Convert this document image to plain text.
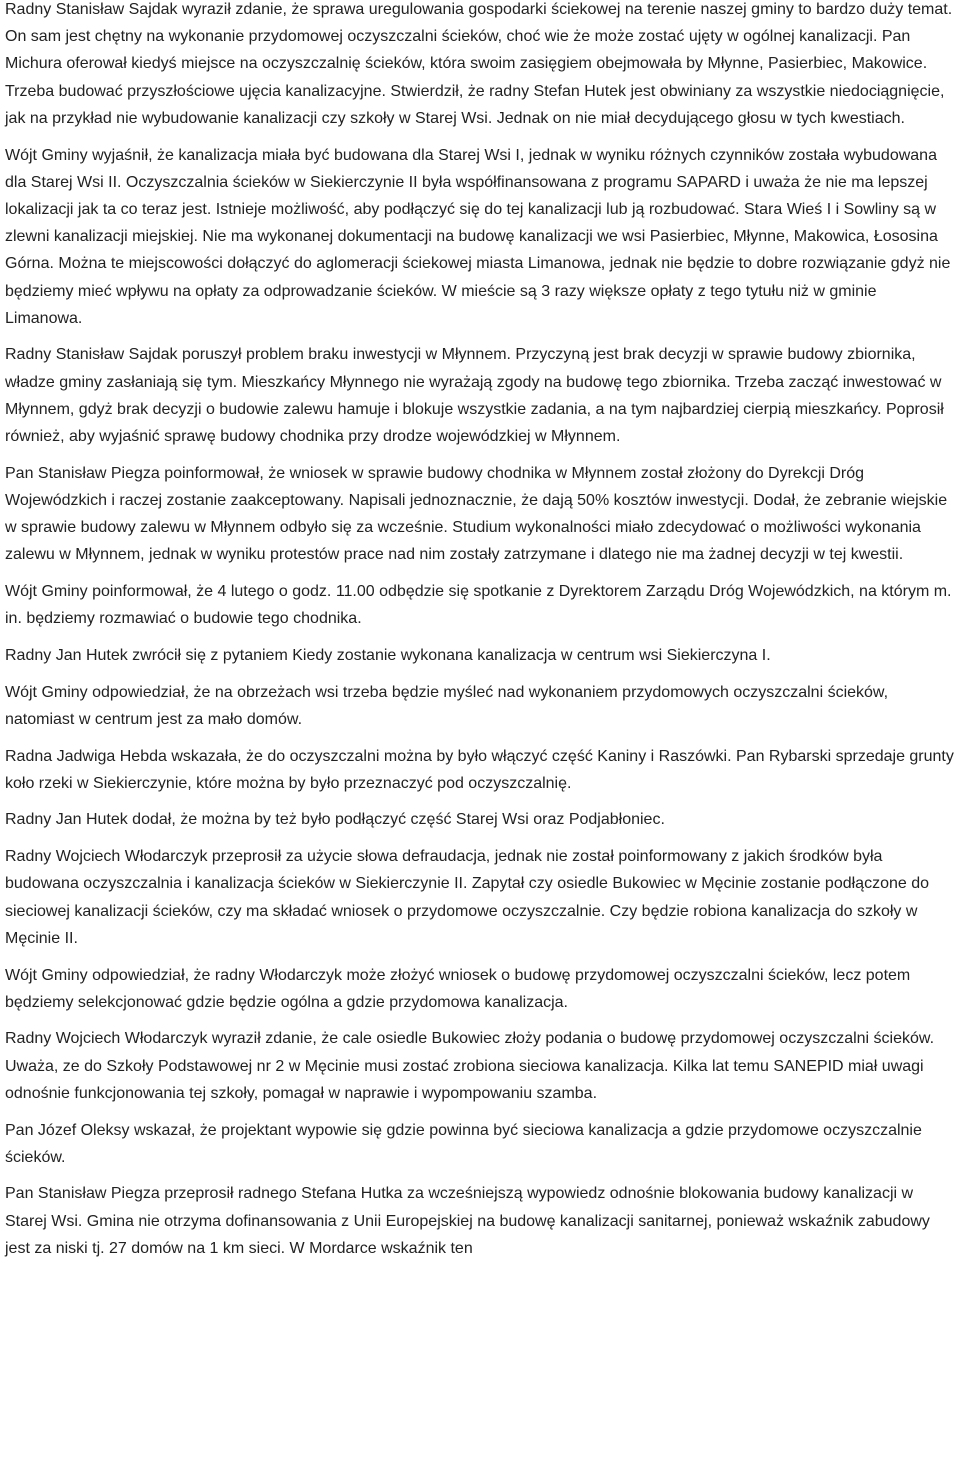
Radny Stanisław Sajdak wyraził zdanie, że sprawa uregulowania gospodarki ściekowej na terenie naszej gminy to bardzo duży temat. On sam jest chętny na wykonanie przydomowej oczyszczalni ścieków, choć wie że może zostać ujęty w ogólnej kanalizacji. Pan Michura oferował kiedyś miejsce na oczyszczalnię ścieków, która swoim zasięgiem obejmowała by Młynne, Pasierbiec, Makowice. Trzeba budować przyszłościowe ujęcia kanalizacyjne. Stwierdził, że radny Stefan Hutek jest obwiniany za wszystkie niedociągnięcie, jak na przykład nie wybudowanie kanalizacji czy szkoły w Starej Wsi. Jednak on nie miał decydującego głosu w tych kwestiach.

Wójt Gminy wyjaśnił, że kanalizacja miała być budowana dla Starej Wsi I, jednak w wyniku różnych czynników została wybudowana dla Starej Wsi II. Oczyszczalnia ścieków w Siekierczynie II była współfinansowana z programu SAPARD i uważa że nie ma lepszej lokalizacji jak ta co teraz jest. Istnieje możliwość, aby podłączyć się do tej kanalizacji lub ją rozbudować. Stara Wieś I i Sowliny są w zlewni kanalizacji miejskiej. Nie ma wykonanej dokumentacji na budowę kanalizacji we wsi Pasierbiec, Młynne, Makowica, Łososina Górna. Można te miejscowości dołączyć do aglomeracji ściekowej miasta Limanowa, jednak nie będzie to dobre rozwiązanie gdyż nie będziemy mieć wpływu na opłaty za odprowadzanie ścieków. W mieście są 3 razy większe opłaty z tego tytułu niż w gminie Limanowa.

Radny Stanisław Sajdak poruszył problem braku inwestycji w Młynnem. Przyczyną jest brak decyzji w sprawie budowy zbiornika, władze gminy zasłaniają się tym. Mieszkańcy Młynnego nie wyrażają zgody na budowę tego zbiornika. Trzeba zacząć inwestować w Młynnem, gdyż brak decyzji o budowie zalewu hamuje i blokuje wszystkie zadania, a na tym najbardziej cierpią mieszkańcy. Poprosił również, aby wyjaśnić sprawę budowy chodnika przy drodze wojewódzkiej w Młynnem.

Pan Stanisław Piegza poinformował, że wniosek w sprawie budowy chodnika w Młynnem został złożony do Dyrekcji Dróg Wojewódzkich i raczej zostanie zaakceptowany. Napisali jednoznacznie, że dają 50% kosztów inwestycji. Dodał, że zebranie wiejskie w sprawie budowy zalewu w Młynnem odbyło się za wcześnie. Studium wykonalności miało zdecydować o możliwości wykonania zalewu w Młynnem, jednak w wyniku protestów prace nad nim zostały zatrzymane i dlatego nie ma żadnej decyzji w tej kwestii.

Wójt Gminy poinformował, że 4 lutego o godz. 11.00 odbędzie się spotkanie z Dyrektorem Zarządu Dróg Wojewódzkich, na którym m. in. będziemy rozmawiać o budowie tego chodnika.

Radny Jan Hutek zwrócił się z pytaniem Kiedy zostanie wykonana kanalizacja w centrum wsi Siekierczyna I.

Wójt Gminy odpowiedział, że na obrzeżach wsi trzeba będzie myśleć nad wykonaniem przydomowych oczyszczalni ścieków, natomiast w centrum jest za mało domów.

Radna Jadwiga Hebda wskazała, że do oczyszczalni można by było włączyć część Kaniny i Raszówki. Pan Rybarski sprzedaje grunty koło rzeki w Siekierczynie, które można by było przeznaczyć pod oczyszczalnię.

Radny Jan Hutek dodał, że można by też było podłączyć część Starej Wsi oraz Podjabłoniec.

Radny Wojciech Włodarczyk przeprosił za użycie słowa defraudacja, jednak nie został poinformowany z jakich środków była budowana oczyszczalnia i kanalizacja ścieków w Siekierczynie II. Zapytał czy osiedle Bukowiec w Męcinie zostanie podłączone do sieciowej kanalizacji ścieków, czy ma składać wniosek o przydomowe oczyszczalnie. Czy będzie robiona kanalizacja do szkoły w Męcinie II.

Wójt Gminy odpowiedział, że radny Włodarczyk może złożyć wniosek o budowę przydomowej oczyszczalni ścieków, lecz potem będziemy selekcjonować gdzie będzie ogólna a gdzie przydomowa kanalizacja.

Radny Wojciech Włodarczyk wyraził zdanie, że cale osiedle Bukowiec złoży podania o budowę przydomowej oczyszczalni ścieków. Uważa, ze do Szkoły Podstawowej nr 2 w Męcinie musi zostać zrobiona sieciowa kanalizacja. Kilka lat temu SANEPID miał uwagi odnośnie funkcjonowania tej szkoły, pomagał w naprawie i wypompowaniu szamba.

Pan Józef Oleksy wskazał, że projektant wypowie się gdzie powinna być sieciowa kanalizacja a gdzie przydomowe oczyszczalnie ścieków.

Pan Stanisław Piegza przeprosił radnego Stefana Hutka za wcześniejszą wypowiedz odnośnie blokowania budowy kanalizacji w Starej Wsi. Gmina nie otrzyma dofinansowania z Unii Europejskiej na budowę kanalizacji sanitarnej, ponieważ wskaźnik zabudowy jest za niski tj. 27 domów na 1 km sieci. W Mordarce wskaźnik ten
